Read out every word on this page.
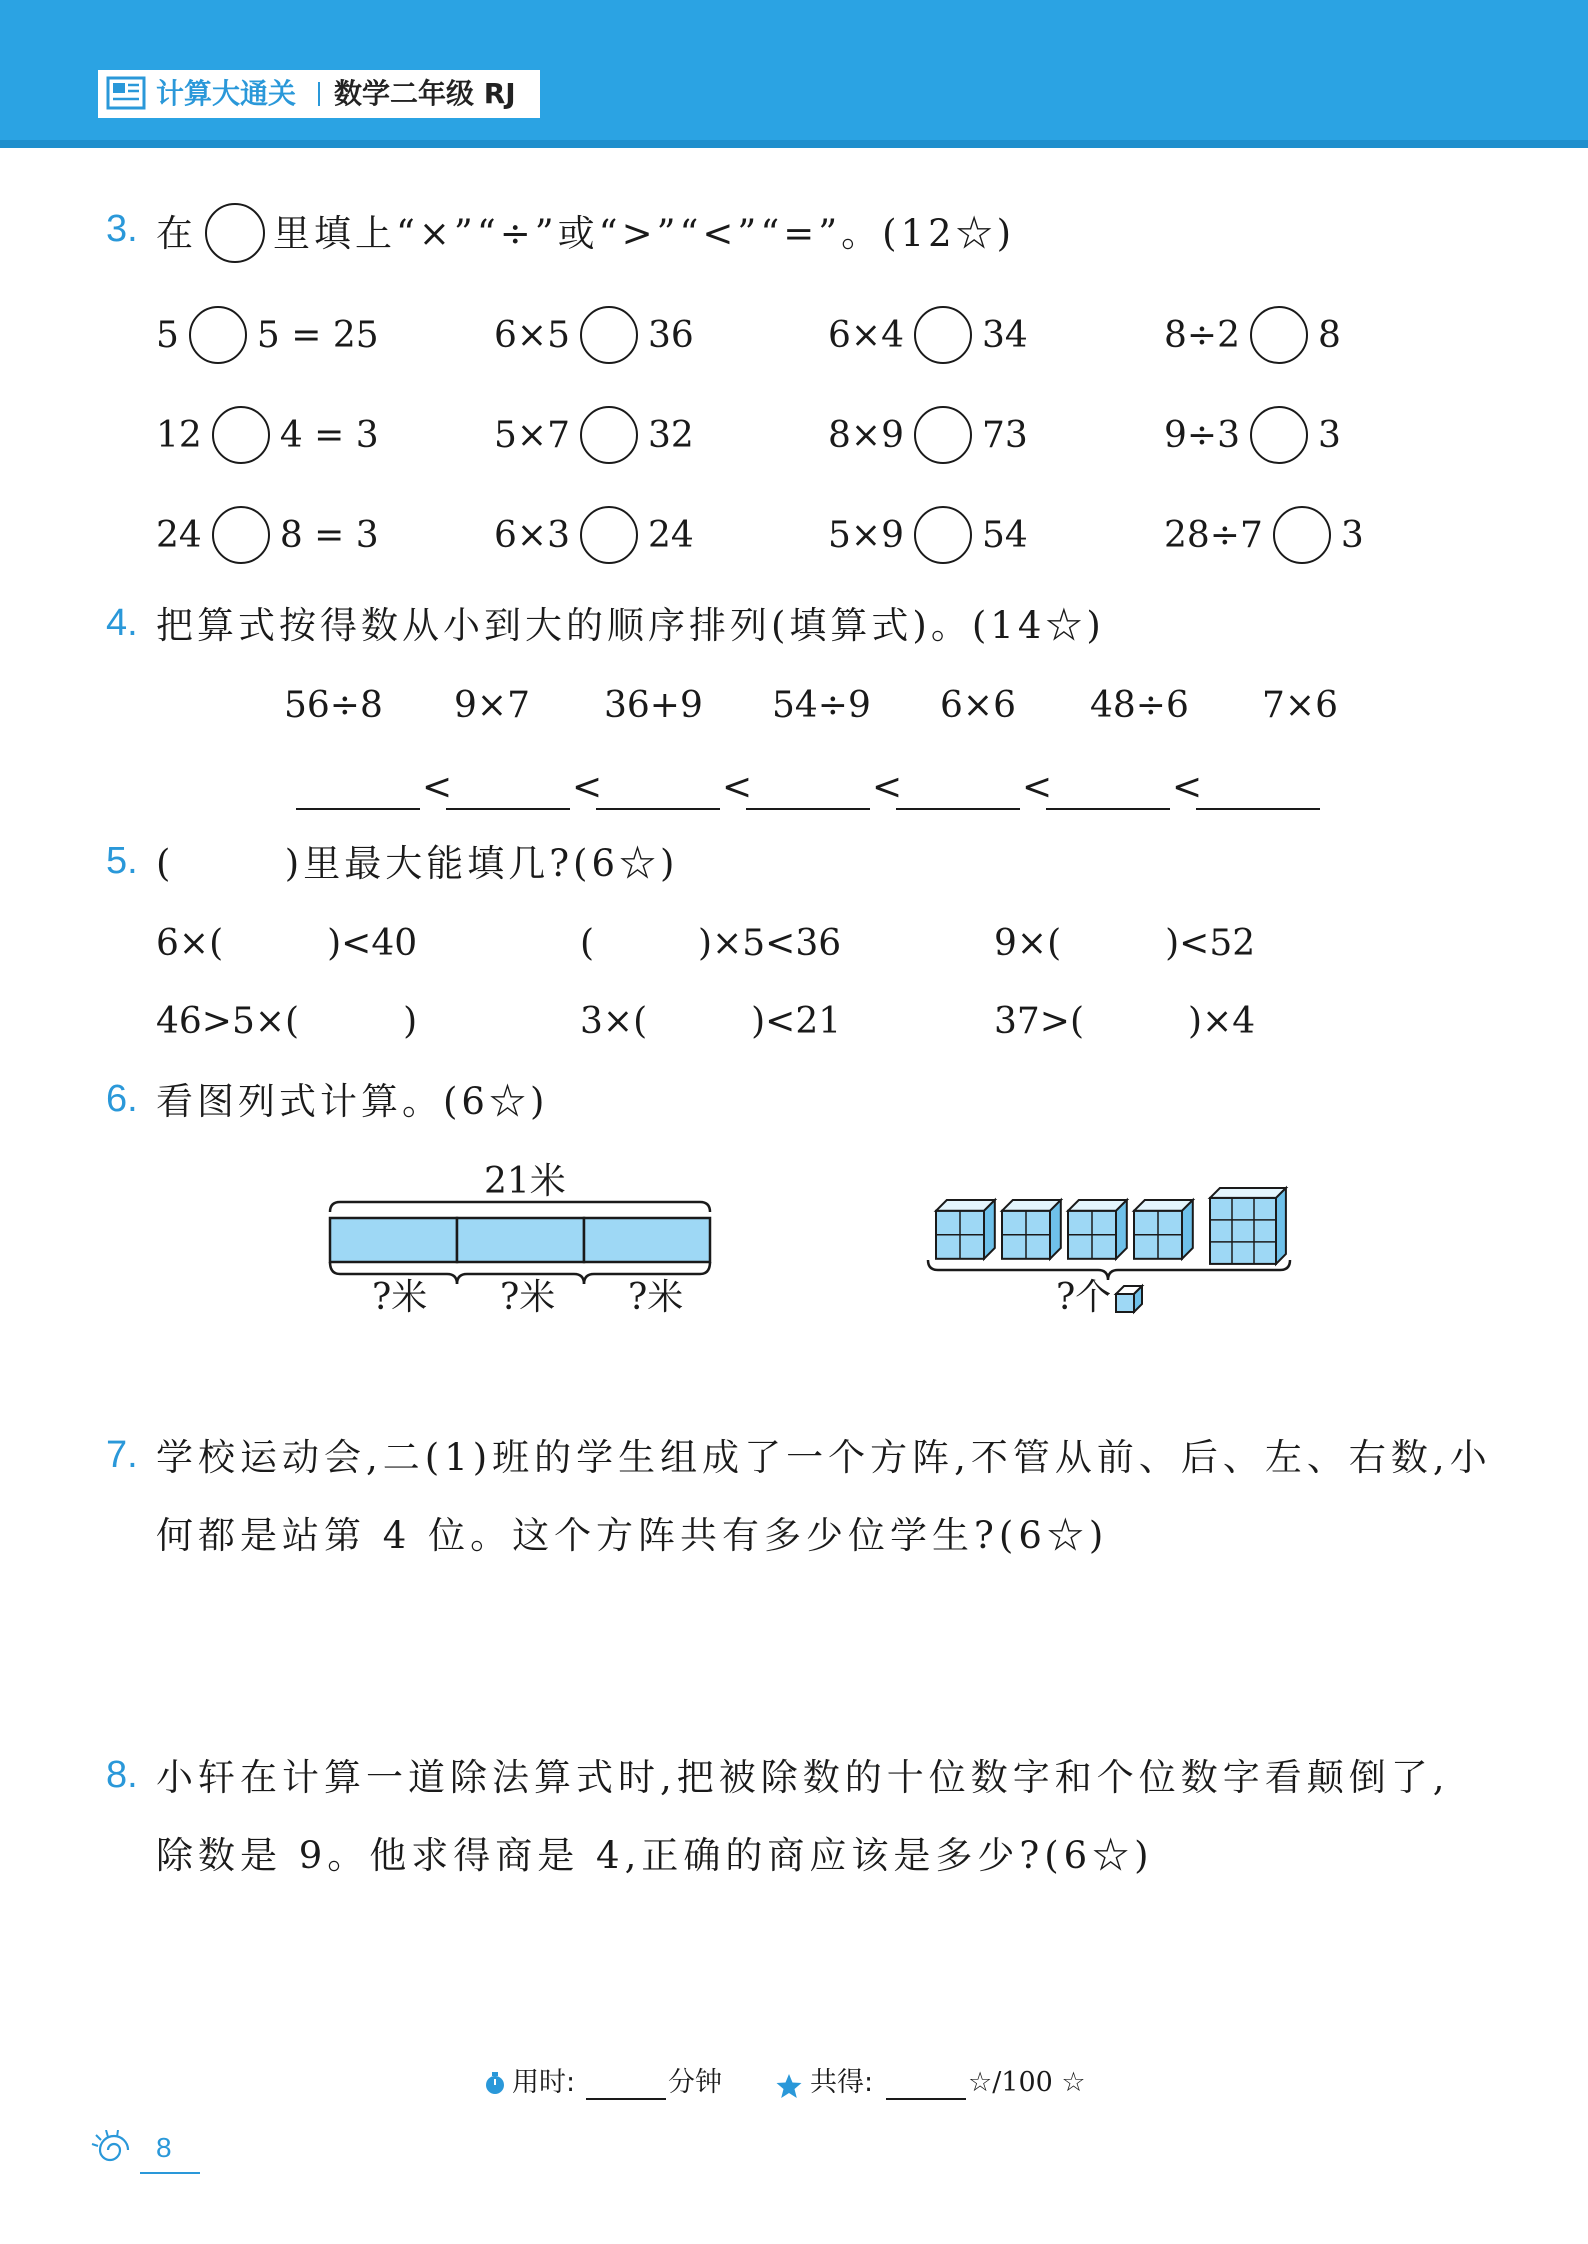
计算大通关 数学二年级 RJ
3. 在 里填上“×”“÷”或“>”“<”“=”。(12☆)
5 5 = 25	6×5 36	6×4 34	8÷2 8
12 4 = 3	5×7 32	8×9 73	9÷3 3
24 8 = 3	6×3 24	5×9 54	28÷7 3
4. 把算式按得数从小到大的顺序排列(填算式)。(14☆)
56÷8 9×7 36+9 54÷9 6×6 48÷6 7×6
<	<	<	<	<	<
5. (       )里最大能填几?(6☆)
6×(	)<40	(	)×5<36	9×(	)<52
46>5×(	)	3×(	)<21	37>(	)×4
6. 看图列式计算。(6☆)
21米
?米 ?米 ?米	?个
7. 学校运动会,二(1)班的学生组成了一个方阵,不管从前、后、左、右数,小
何都是站第 4 位。这个方阵共有多少位学生?(6☆)
8. 小轩在计算一道除法算式时,把被除数的十位数字和个位数字看颠倒了,
除数是 9。他求得商是 4,正确的商应该是多少?(6☆)
用时:	分钟	共得:	☆/100 ☆
8
